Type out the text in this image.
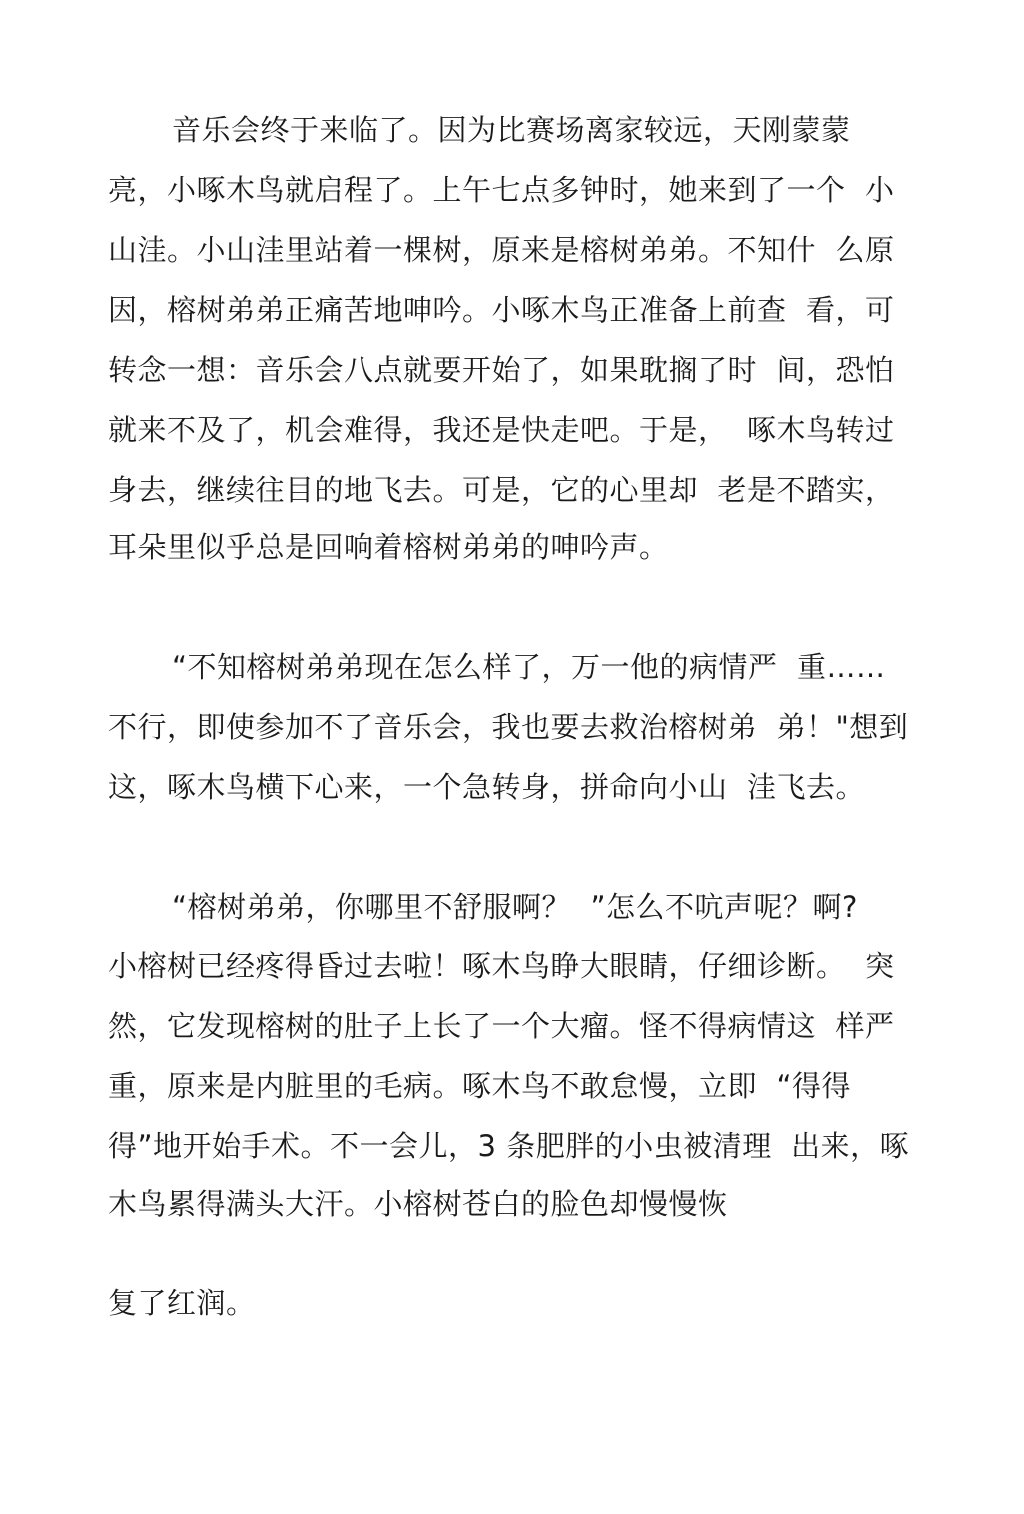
音乐会终于来临了。因为比赛场离家较远，天刚蒙蒙
亮，小啄木鸟就启程了。上午七点多钟时，她来到了一个  小
山洼。小山洼里站着一棵树，原来是榕树弟弟。不知什  么原
因，榕树弟弟正痛苦地呻吟。小啄木鸟正准备上前查  看，可
转念一想：音乐会八点就要开始了，如果耽搁了时  间，恐怕
就来不及了，机会难得，我还是快走吧。于是，  啄木鸟转过
身去，继续往目的地飞去。可是，它的心里却  老是不踏实，
耳朵里似乎总是回响着榕树弟弟的呻吟声。
“不知榕树弟弟现在怎么样了，万一他的病情严  重……
不行，即使参加不了音乐会，我也要去救治榕树弟  弟！"想到
这，啄木鸟横下心来，一个急转身，拼命向小山  洼飞去。
“榕树弟弟，你哪里不舒服啊？  ”怎么不吭声呢？啊?
小榕树已经疼得昏过去啦！啄木鸟睁大眼睛，仔细诊断。  突
然，它发现榕树的肚子上长了一个大瘤。怪不得病情这  样严
重，原来是内脏里的毛病。啄木鸟不敢怠慢，立即  “得得
得”地开始手术。不一会儿，3 条肥胖的小虫被清理  出来，啄
木鸟累得满头大汗。小榕树苍白的脸色却慢慢恢
复了红润。
